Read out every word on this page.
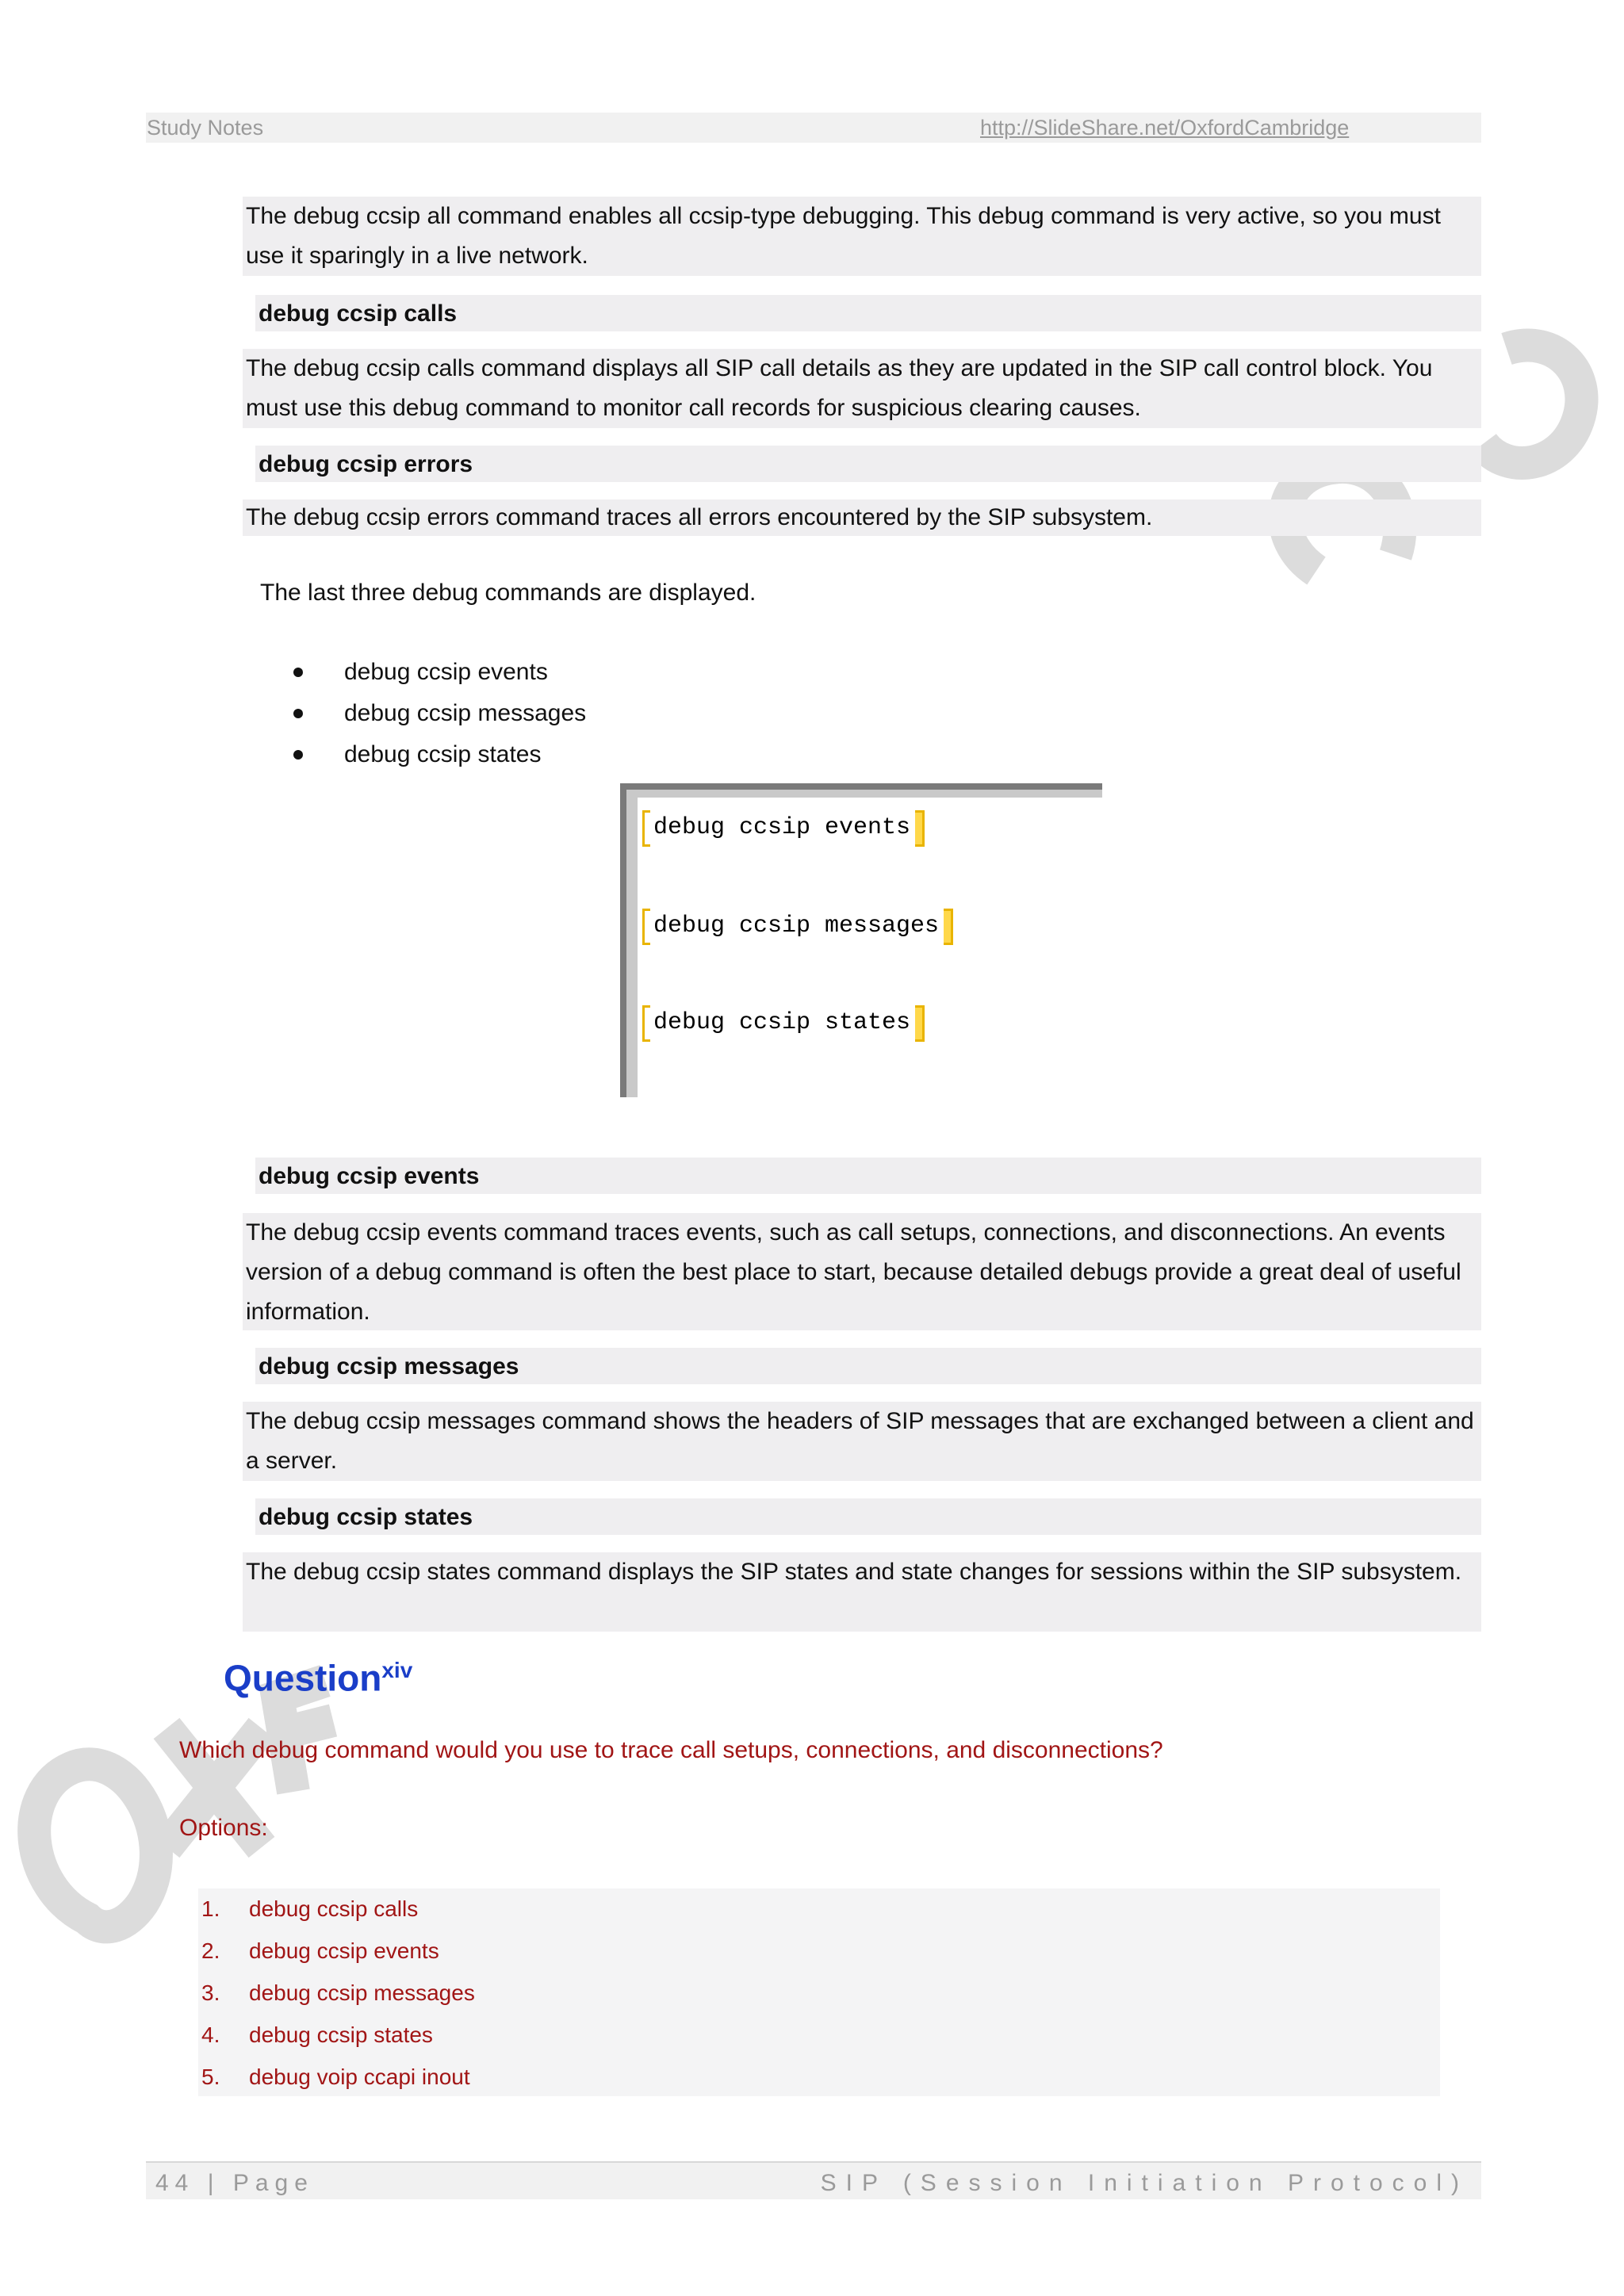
Study Notes	http://SlideShare.net/OxfordCambridge
The debug ccsip all command enables all ccsip-type debugging. This debug command is very active, so you must use it sparingly in a live network.
debug ccsip calls
The debug ccsip calls command displays all SIP call details as they are updated in the SIP call control block. You must use this debug command to monitor call records for suspicious clearing causes.
debug ccsip errors
The debug ccsip errors command traces all errors encountered by the SIP subsystem.
The last three debug commands are displayed.
debug ccsip events
debug ccsip messages
debug ccsip states
debug ccsip events
debug ccsip messages
debug ccsip states
debug ccsip events
The debug ccsip events command traces events, such as call setups, connections, and disconnections. An events version of a debug command is often the best place to start, because detailed debugs provide a great deal of useful information.
debug ccsip messages
The debug ccsip messages command shows the headers of SIP messages that are exchanged between a client and a server.
debug ccsip states
The debug ccsip states command displays the SIP states and state changes for sessions within the SIP subsystem.
Question$^{xiv}$
Which debug command would you use to trace call setups, connections, and disconnections?
Options:
1.	debug ccsip calls
2.	debug ccsip events
3.	debug ccsip messages
4.	debug ccsip states
5.	debug voip ccapi inout
44 | Page	SIP (Session Initiation Protocol)
